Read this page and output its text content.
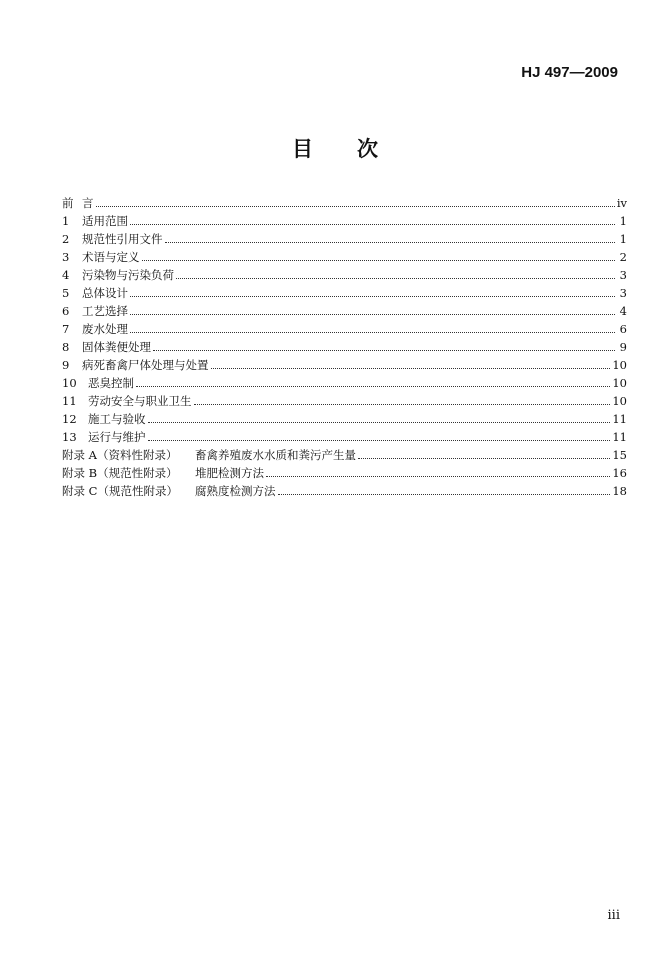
HJ 497—2009
目 次
前 言	iv
1	适用范围	1
2	规范性引用文件	1
3	术语与定义	2
4	污染物与污染负荷	3
5	总体设计	3
6	工艺选择	4
7	废水处理	6
8	固体粪便处理	9
9	病死畜禽尸体处理与处置	10
10 恶臭控制	10
11 劳动安全与职业卫生	10
12 施工与验收	11
13 运行与维护	11
附录 A（资料性附录）	畜禽养殖废水水质和粪污产生量	15
附录 B（规范性附录）	堆肥检测方法	16
附录 C（规范性附录）	腐熟度检测方法	18
iii
